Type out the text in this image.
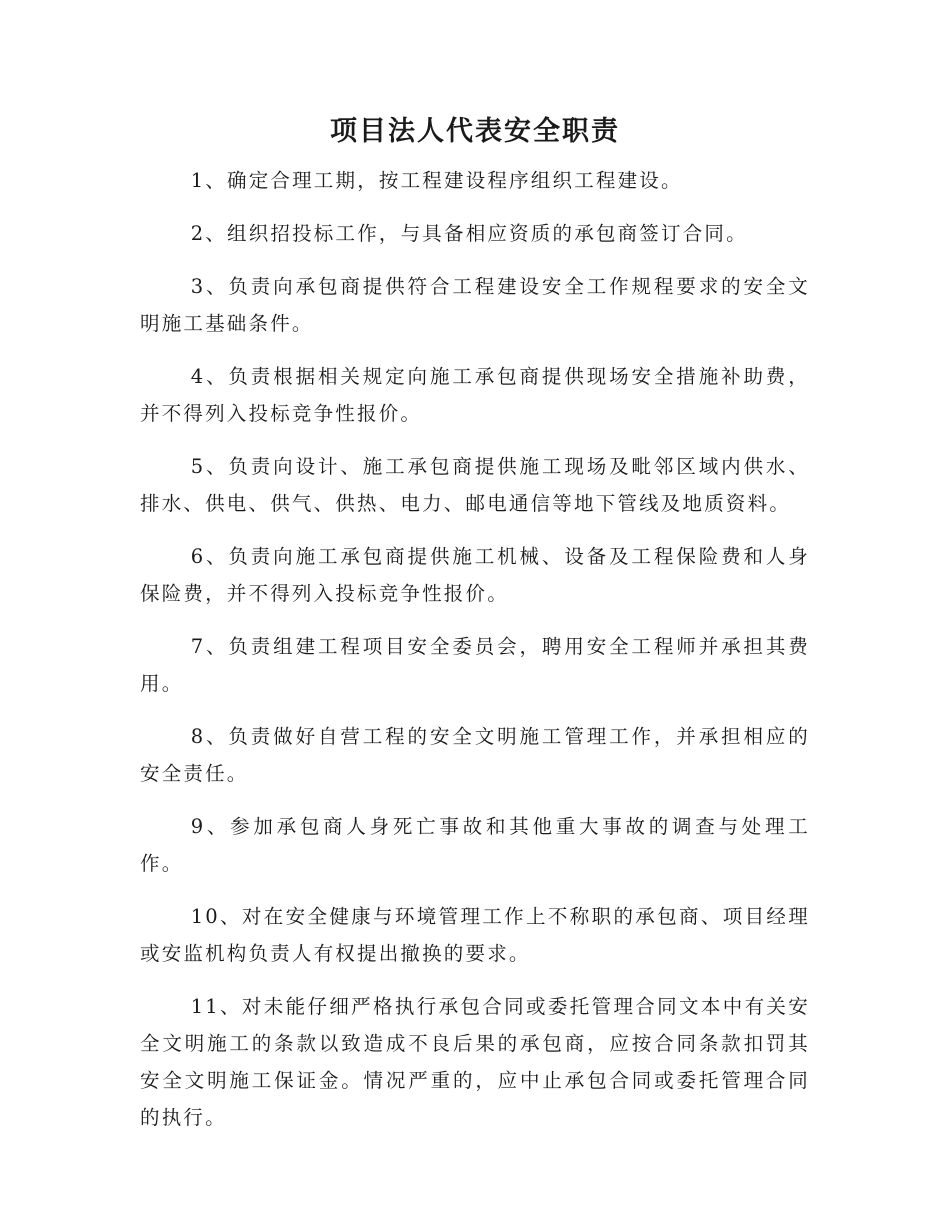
项目法人代表安全职责

1、确定合理工期，按工程建设程序组织工程建设。

2、组织招投标工作，与具备相应资质的承包商签订合同。

3、负责向承包商提供符合工程建设安全工作规程要求的安全文明施工基础条件。

4、负责根据相关规定向施工承包商提供现场安全措施补助费，并不得列入投标竞争性报价。

5、负责向设计、施工承包商提供施工现场及毗邻区域内供水、排水、供电、供气、供热、电力、邮电通信等地下管线及地质资料。

6、负责向施工承包商提供施工机械、设备及工程保险费和人身保险费，并不得列入投标竞争性报价。

7、负责组建工程项目安全委员会，聘用安全工程师并承担其费用。

8、负责做好自营工程的安全文明施工管理工作，并承担相应的安全责任。

9、参加承包商人身死亡事故和其他重大事故的调查与处理工作。

10、对在安全健康与环境管理工作上不称职的承包商、项目经理或安监机构负责人有权提出撤换的要求。

11、对未能仔细严格执行承包合同或委托管理合同文本中有关安全文明施工的条款以致造成不良后果的承包商，应按合同条款扣罚其安全文明施工保证金。情况严重的，应中止承包合同或委托管理合同的执行。
